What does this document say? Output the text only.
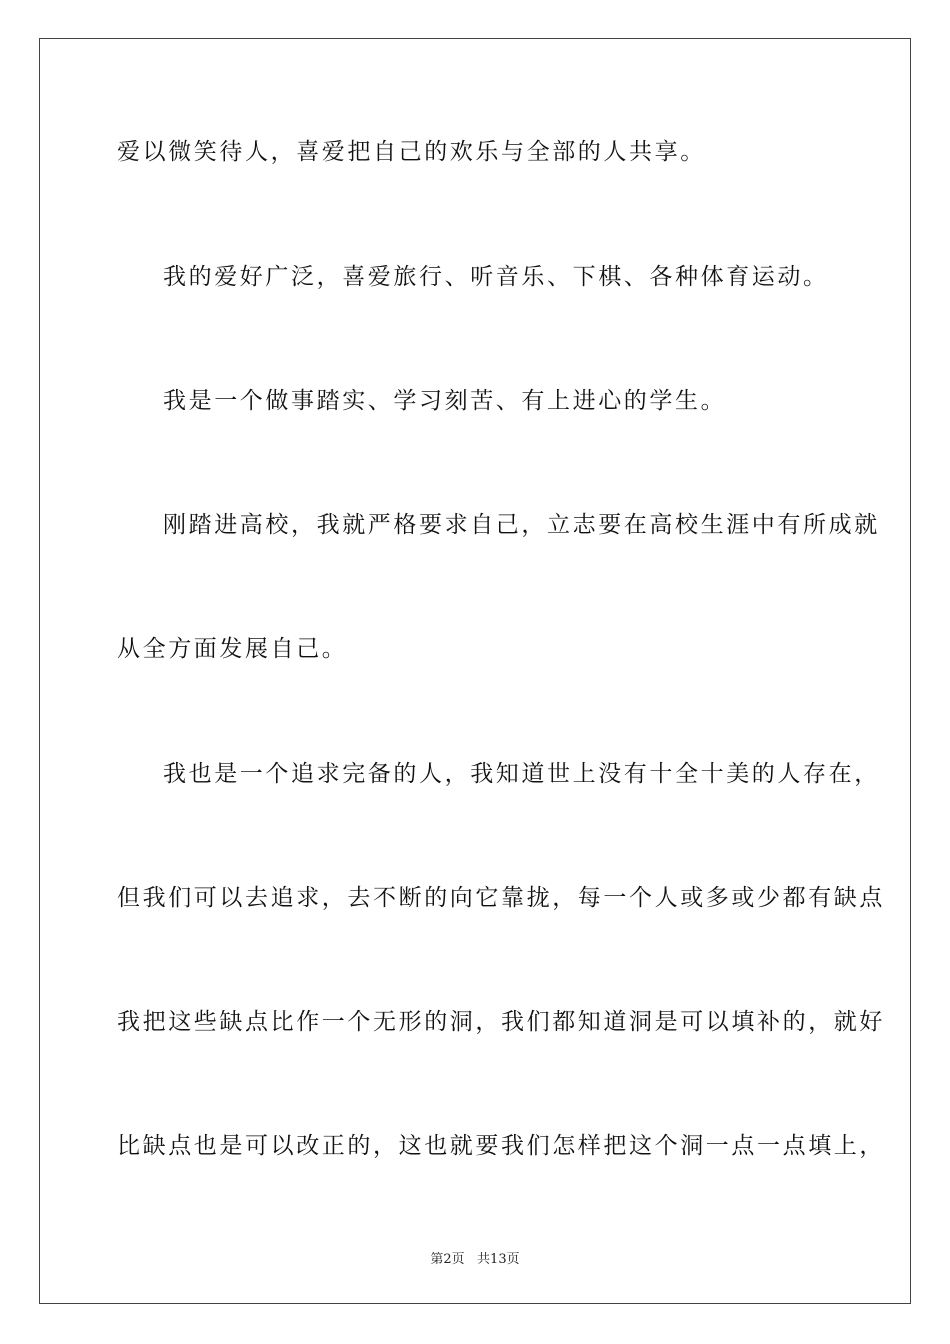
爱以微笑待人，喜爱把自己的欢乐与全部的人共享。
我的爱好广泛，喜爱旅行、听音乐、下棋、各种体育运动。
我是一个做事踏实、学习刻苦、有上进心的学生。
刚踏进高校，我就严格要求自己，立志要在高校生涯中有所成就
从全方面发展自己。
我也是一个追求完备的人，我知道世上没有十全十美的人存在，
但我们可以去追求，去不断的向它靠拢，每一个人或多或少都有缺点
我把这些缺点比作一个无形的洞，我们都知道洞是可以填补的，就好
比缺点也是可以改正的，这也就要我们怎样把这个洞一点一点填上，
第2页   共13页
